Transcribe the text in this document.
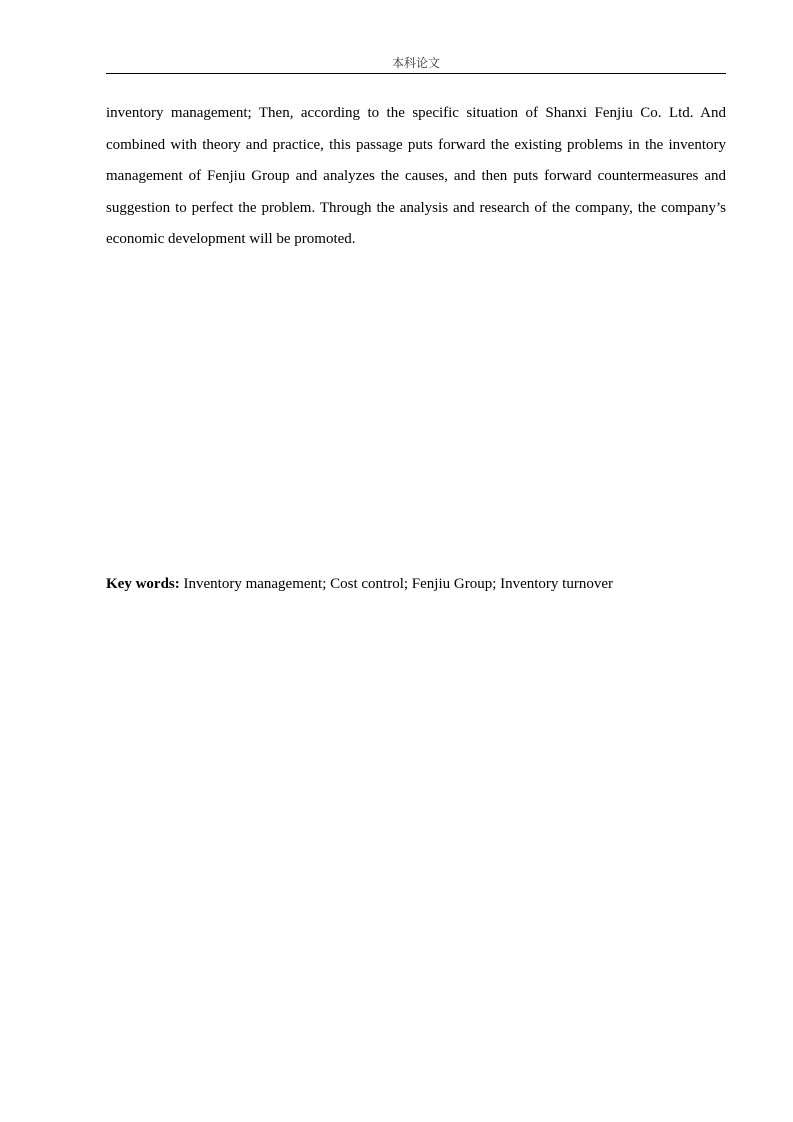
本科论文

inventory management; Then, according to the specific situation of Shanxi Fenjiu Co. Ltd. And combined with theory and practice, this passage puts forward the existing problems in the inventory management of Fenjiu Group and analyzes the causes, and then puts forward countermeasures and suggestion to perfect the problem. Through the analysis and research of the company, the company’s economic development will be promoted.

Key words: Inventory management; Cost control; Fenjiu Group; Inventory turnover
